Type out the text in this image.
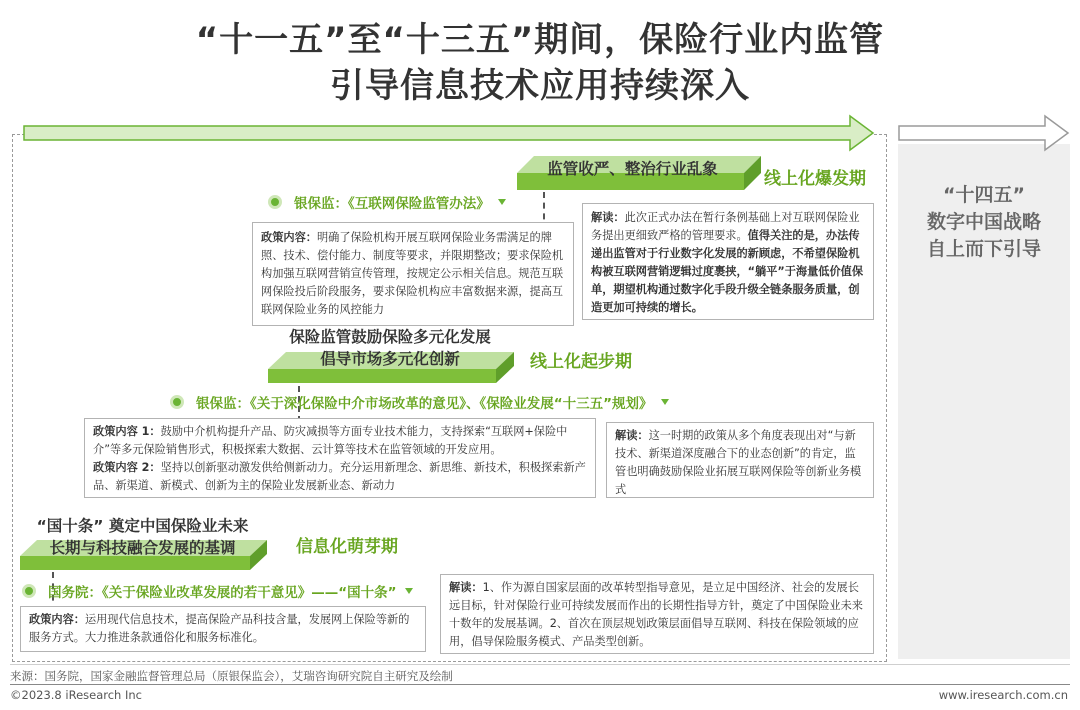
“十一五”至“十三五”期间，保险行业内监管
引导信息技术应用持续深入
“十四五”
数字中国战略
自上而下引导
监管收严、整治行业乱象	线上化爆发期
银保监：《互联网保险监管办法》
政策内容：明确了保险机构开展互联网保险业务需满足的牌照、技术、偿付能力、制度等要求，并限期整改；要求保险机构加强互联网营销宣传管理，按规定公示相关信息。规范互联网保险投后阶段服务，要求保险机构应丰富数据来源，提高互联网保险业务的风控能力
解读：此次正式办法在暂行条例基础上对互联网保险业务提出更细致严格的管理要求。值得关注的是，办法传递出监管对于行业数字化发展的新顾虑，不希望保险机构被互联网营销逻辑过度裹挟，“躺平”于海量低价值保单，期望机构通过数字化手段升级全链条服务质量，创造更加可持续的增长。
保险监管鼓励保险多元化发展
倡导市场多元化创新	线上化起步期
银保监：《关于深化保险中介市场改革的意见》、《保险业发展“十三五”规划》
政策内容 1：鼓励中介机构提升产品、防灾减损等方面专业技术能力，支持探索“互联网+保险中介”等多元保险销售形式，积极探索大数据、云计算等技术在监管领域的开发应用。
政策内容 2：坚持以创新驱动激发供给侧新动力。充分运用新理念、新思维、新技术，积极探索新产品、新渠道、新模式、创新为主的保险业发展新业态、新动力
解读：这一时期的政策从多个角度表现出对“与新技术、新渠道深度融合下的业态创新”的肯定，监管也明确鼓励保险业拓展互联网保险等创新业务模式
“国十条” 奠定中国保险业未来
长期与科技融合发展的基调	信息化萌芽期
国务院：《关于保险业改革发展的若干意见》——“国十条”
政策内容：运用现代信息技术，提高保险产品科技含量，发展网上保险等新的服务方式。大力推进条款通俗化和服务标准化。
解读：1、作为源自国家层面的改革转型指导意见，是立足中国经济、社会的发展长远目标，针对保险行业可持续发展而作出的长期性指导方针，奠定了中国保险业未来十数年的发展基调。2、首次在顶层规划政策层面倡导互联网、科技在保险领域的应用，倡导保险服务模式、产品类型创新。
来源：国务院，国家金融监督管理总局（原银保监会），艾瑞咨询研究院自主研究及绘制
©2023.8 iResearch Inc	www.iresearch.com.cn
